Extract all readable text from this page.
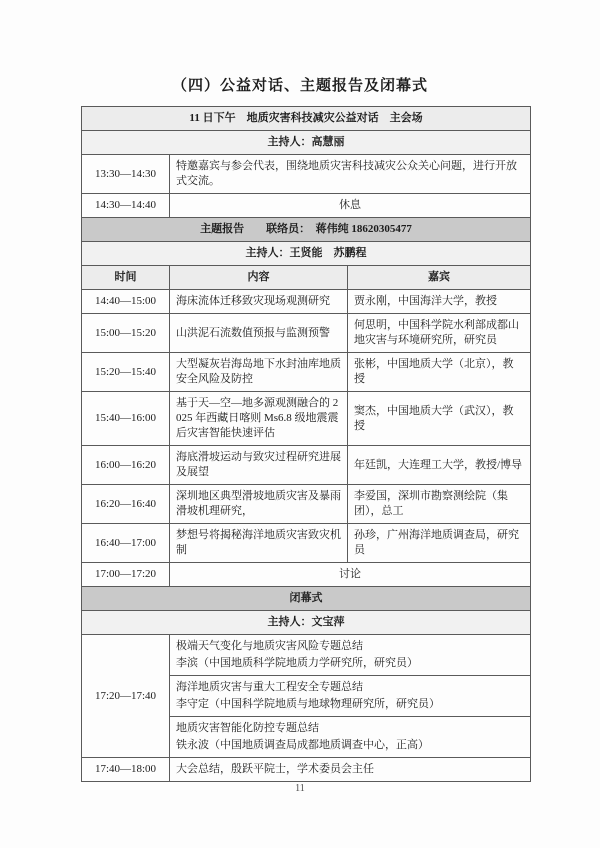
（四）公益对话、主题报告及闭幕式
11 日下午　地质灾害科技减灾公益对话　主会场		
主持人：高慧丽		
13:30—14:30	特邀嘉宾与参会代表，围绕地质灾害科技减灾公众关心问题，进行开放式交流。	
14:30—14:40	休息	
主题报告　　联络员：　蒋伟纯 18620305477		
主持人：王贤能　苏鹏程		
时间	内容	嘉宾
14:40—15:00	海床流体迁移致灾现场观测研究	贾永刚，中国海洋大学，教授
15:00—15:20	山洪泥石流数值预报与监测预警	何思明，中国科学院水利部成都山地灾害与环境研究所，研究员
15:20—15:40	大型凝灰岩海岛地下水封油库地质安全风险及防控	张彬，中国地质大学（北京），教授
15:40—16:00	基于天—空—地多源观测融合的 2025 年西藏日喀则 Ms6.8 级地震震后灾害智能快速评估	窦杰，中国地质大学（武汉），教授
16:00—16:20	海底滑坡运动与致灾过程研究进展及展望	年廷凯，大连理工大学，教授/博导
16:20—16:40	深圳地区典型滑坡地质灾害及暴雨滑坡机理研究，	李爱国，深圳市勘察测绘院（集团），总工
16:40—17:00	梦想号将揭秘海洋地质灾害致灾机制	孙珍，广州海洋地质调查局，研究员
17:00—17:20	讨论	
闭幕式		
主持人：文宝萍		
17:20—17:40	极端天气变化与地质灾害风险专题总结
李滨（中国地质科学院地质力学研究所，研究员）	

	海洋地质灾害与重大工程安全专题总结
李守定（中国科学院地质与地球物理研究所，研究员）	

	地质灾害智能化防控专题总结
铁永波（中国地质调查局成都地质调查中心，正高）	

17:40—18:00	大会总结，殷跃平院士，学术委员会主任	
11
